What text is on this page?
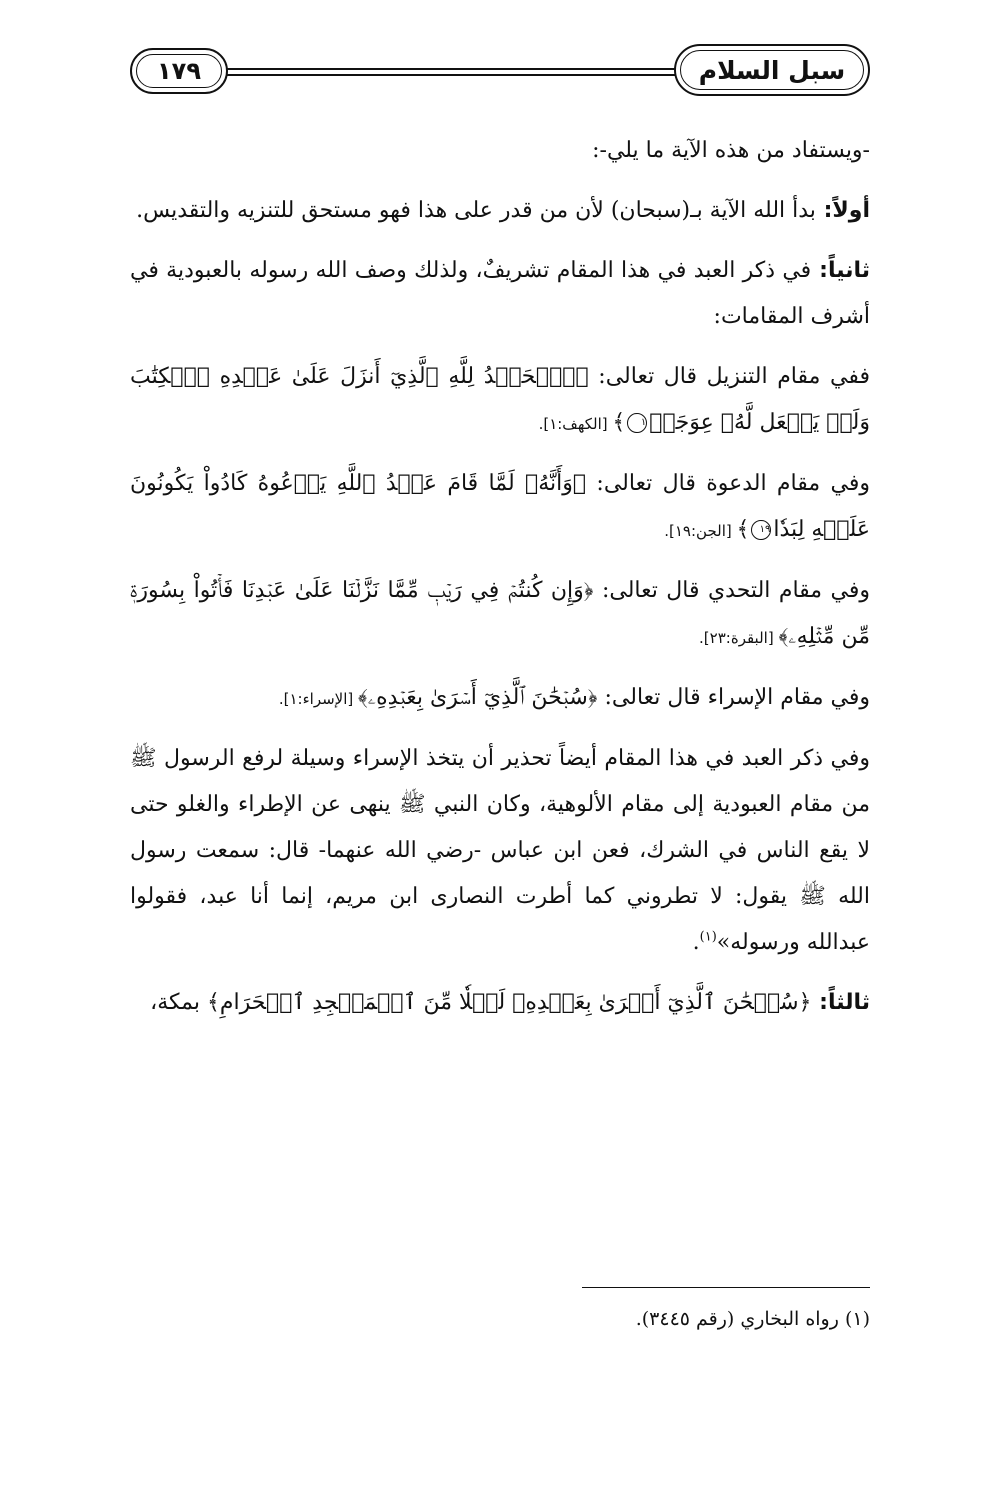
سبل السلام
١٧٩

-ويستفاد من هذه الآية ما يلي-:

أولاً: بدأ الله الآية بـ(سبحان) لأن من قدر على هذا فهو مستحق للتنزيه والتقديس.

ثانياً: في ذكر العبد في هذا المقام تشريفٌ، ولذلك وصف الله رسوله بالعبودية في أشرف المقامات:

ففي مقام التنزيل قال تعالى: ﴿ٱلۡحَمۡدُ لِلَّهِ ٱلَّذِيٓ أَنزَلَ عَلَىٰ عَبۡدِهِ ٱلۡكِتَٰبَ وَلَمۡ يَجۡعَل لَّهُۥ عِوَجَاۜ١﴾ [الكهف:١].

وفي مقام الدعوة قال تعالى: ﴿وَأَنَّهُۥ لَمَّا قَامَ عَبۡدُ ٱللَّهِ يَدۡعُوهُ كَادُواْ يَكُونُونَ عَلَيۡهِ لِبَدٗا١٩﴾ [الجن:١٩].

وفي مقام التحدي قال تعالى: ﴿وَإِن كُنتُمۡ فِي رَيۡبٖ مِّمَّا نَزَّلۡنَا عَلَىٰ عَبۡدِنَا فَأۡتُواْ بِسُورَةٖ مِّن مِّثۡلِهِۦ﴾ [البقرة:٢٣].

وفي مقام الإسراء قال تعالى: ﴿سُبۡحَٰنَ ٱلَّذِيٓ أَسۡرَىٰ بِعَبۡدِهِۦ﴾ [الإسراء:١].

وفي ذكر العبد في هذا المقام أيضاً تحذير أن يتخذ الإسراء وسيلة لرفع الرسول ﷺ من مقام العبودية إلى مقام الألوهية، وكان النبي ﷺ ينهى عن الإطراء والغلو حتى لا يقع الناس في الشرك، فعن ابن عباس -رضي الله عنهما- قال: سمعت رسول الله ﷺ يقول: لا تطروني كما أطرت النصارى ابن مريم، إنما أنا عبد، فقولوا عبدالله ورسوله»$^{(١)}$.

ثالثاً: ﴿سُبۡحَٰنَ ٱلَّذِيٓ أَسۡرَىٰ بِعَبۡدِهِۦ لَيۡلٗا مِّنَ ٱلۡمَسۡجِدِ ٱلۡحَرَامِ﴾ بمكة،

(١) رواه البخاري (رقم ٣٤٤٥).
